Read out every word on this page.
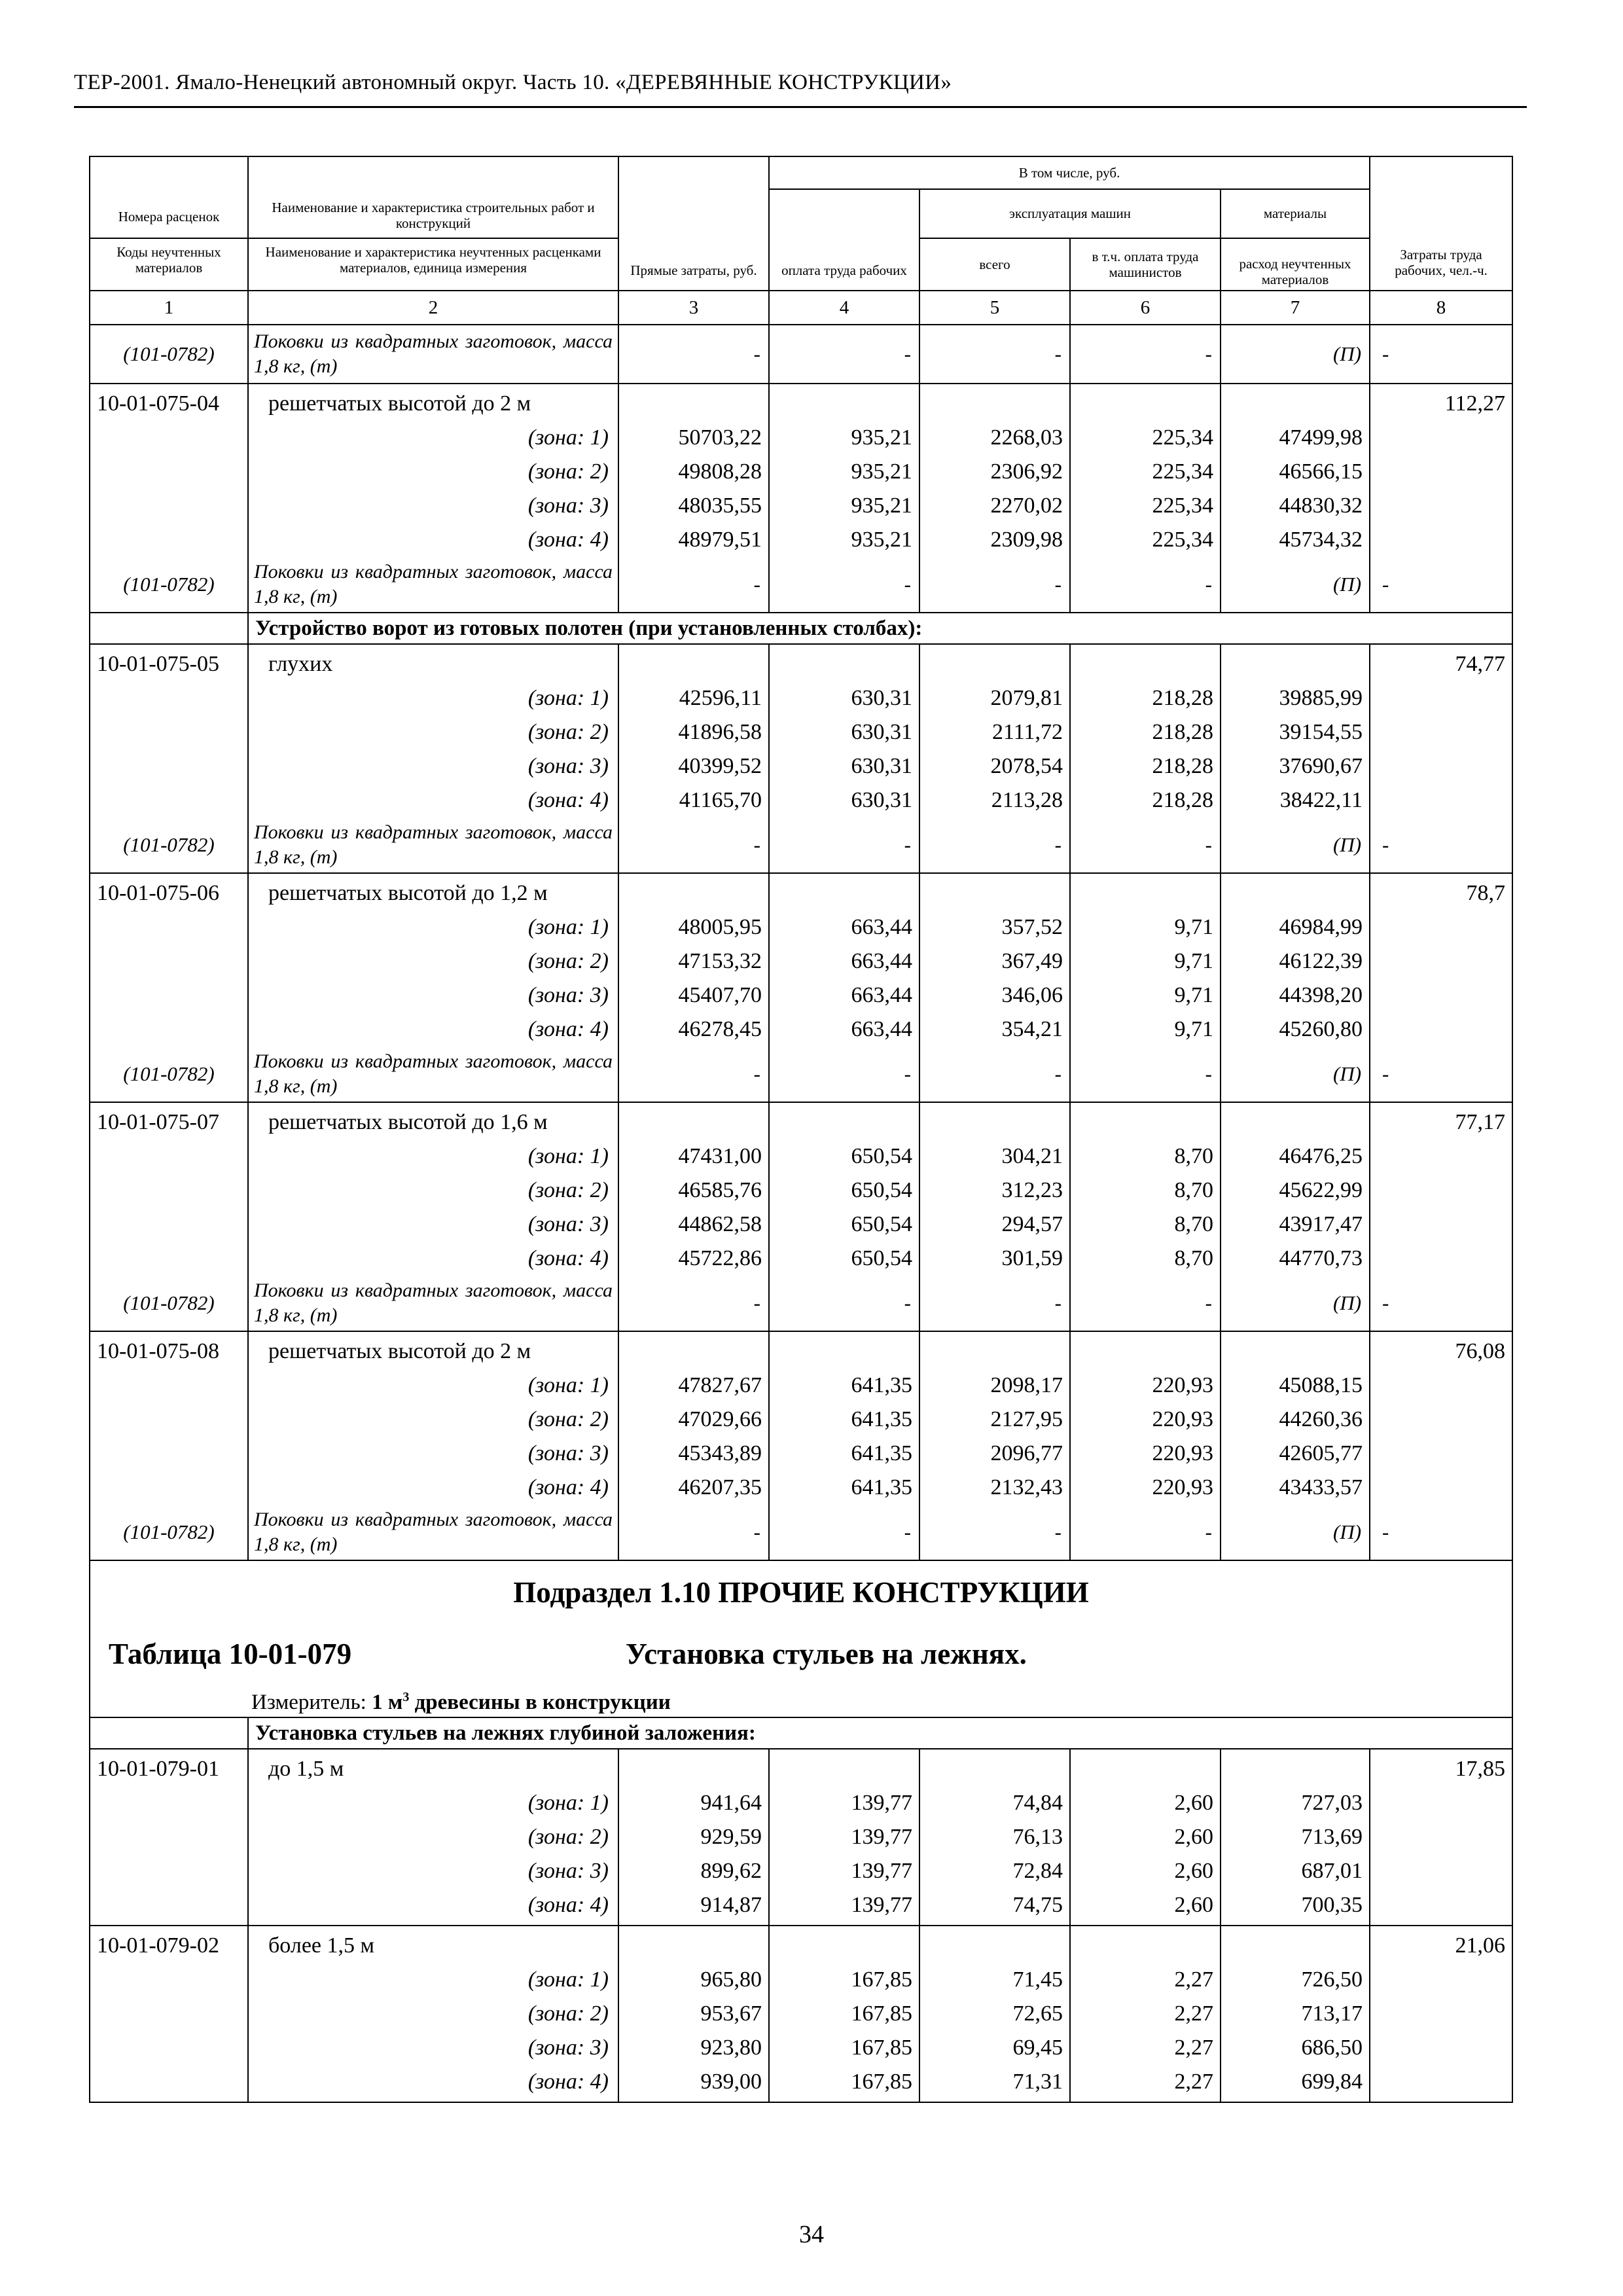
ТЕР-2001. Ямало-Ненецкий автономный округ. Часть 10. «ДЕРЕВЯННЫЕ КОНСТРУКЦИИ»
Номера расценок	Наименование и характеристика строительных работ и конструкций	Прямые затраты, руб.	В том числе, руб.				Затраты труда рабочих, чел.-ч.
			оплата труда рабочих	эксплуатация машин		материалы	
Коды неучтенных материалов	Наименование и характеристика неучтенных расценками материалов, единица измерения			всего	в т.ч. оплата труда машинистов	расход неучтенных материалов	

1	2	3	4	5	6	7	8
(101-0782)	Поковки из квадратных заготовок, масса 1,8 кг, (т)	-	-	-	-	(П)	-
10-01-075-04	решетчатых высотой до 2 м						112,27
	(зона: 1)	50703,22	935,21	2268,03	225,34	47499,98	
	(зона: 2)	49808,28	935,21	2306,92	225,34	46566,15	
	(зона: 3)	48035,55	935,21	2270,02	225,34	44830,32	
	(зона: 4)	48979,51	935,21	2309,98	225,34	45734,32	
(101-0782)	Поковки из квадратных заготовок, масса 1,8 кг, (т)	-	-	-	-	(П)	-
	Устройство ворот из готовых полотен (при установленных столбах):						
10-01-075-05	глухих						74,77
	(зона: 1)	42596,11	630,31	2079,81	218,28	39885,99	
	(зона: 2)	41896,58	630,31	2111,72	218,28	39154,55	
	(зона: 3)	40399,52	630,31	2078,54	218,28	37690,67	
	(зона: 4)	41165,70	630,31	2113,28	218,28	38422,11	
(101-0782)	Поковки из квадратных заготовок, масса 1,8 кг, (т)	-	-	-	-	(П)	-
10-01-075-06	решетчатых высотой до 1,2 м						78,7
	(зона: 1)	48005,95	663,44	357,52	9,71	46984,99	
	(зона: 2)	47153,32	663,44	367,49	9,71	46122,39	
	(зона: 3)	45407,70	663,44	346,06	9,71	44398,20	
	(зона: 4)	46278,45	663,44	354,21	9,71	45260,80	
(101-0782)	Поковки из квадратных заготовок, масса 1,8 кг, (т)	-	-	-	-	(П)	-
10-01-075-07	решетчатых высотой до 1,6 м						77,17
	(зона: 1)	47431,00	650,54	304,21	8,70	46476,25	
	(зона: 2)	46585,76	650,54	312,23	8,70	45622,99	
	(зона: 3)	44862,58	650,54	294,57	8,70	43917,47	
	(зона: 4)	45722,86	650,54	301,59	8,70	44770,73	
(101-0782)	Поковки из квадратных заготовок, масса 1,8 кг, (т)	-	-	-	-	(П)	-
10-01-075-08	решетчатых высотой до 2 м						76,08
	(зона: 1)	47827,67	641,35	2098,17	220,93	45088,15	
	(зона: 2)	47029,66	641,35	2127,95	220,93	44260,36	
	(зона: 3)	45343,89	641,35	2096,77	220,93	42605,77	
	(зона: 4)	46207,35	641,35	2132,43	220,93	43433,57	
(101-0782)	Поковки из квадратных заготовок, масса 1,8 кг, (т)	-	-	-	-	(П)	-

Подраздел 1.10 ПРОЧИЕ КОНСТРУКЦИИ
Таблица 10-01-079 Установка стульев на лежнях.
Измеритель: 1 $м^3$ древесины в конструкции							

	Установка стульев на лежнях глубиной заложения:						
10-01-079-01	до 1,5 м						17,85
	(зона: 1)	941,64	139,77	74,84	2,60	727,03	
	(зона: 2)	929,59	139,77	76,13	2,60	713,69	
	(зона: 3)	899,62	139,77	72,84	2,60	687,01	
	(зона: 4)	914,87	139,77	74,75	2,60	700,35	
10-01-079-02	более 1,5 м						21,06
	(зона: 1)	965,80	167,85	71,45	2,27	726,50	
	(зона: 2)	953,67	167,85	72,65	2,27	713,17	
	(зона: 3)	923,80	167,85	69,45	2,27	686,50	
	(зона: 4)	939,00	167,85	71,31	2,27	699,84	
34
